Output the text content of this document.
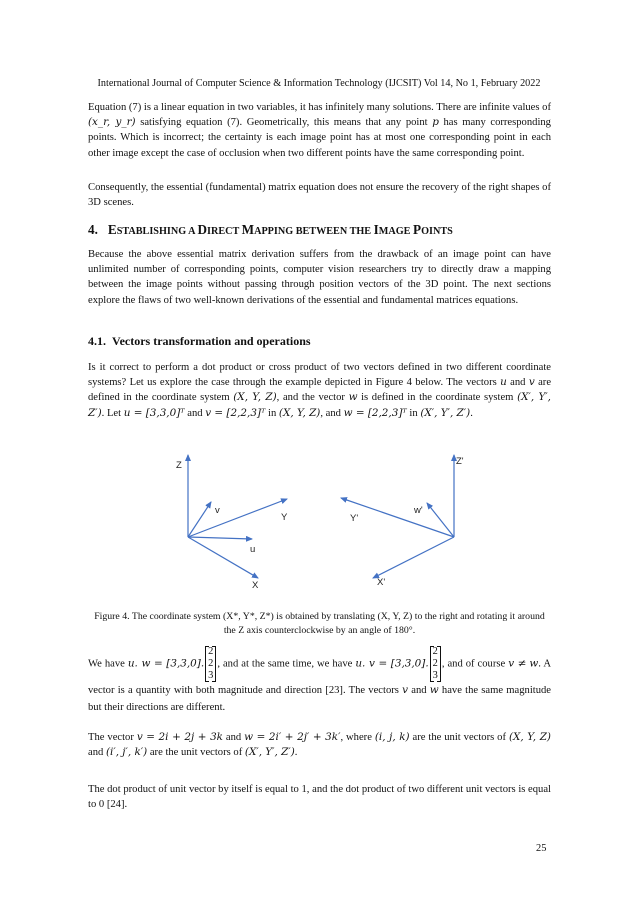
International Journal of Computer Science & Information Technology (IJCSIT) Vol 14, No 1, February 2022

Equation (7) is a linear equation in two variables, it has infinitely many solutions. There are infinite values of (x_r, y_r) satisfying equation (7). Geometrically, this means that any point p has many corresponding points. Which is incorrect; the certainty is each image point has at most one corresponding point in each other image except the case of occlusion when two different points have the same corresponding point.

Consequently, the essential (fundamental) matrix equation does not ensure the recovery of the right shapes of 3D scenes.

4. ESTABLISHING A DIRECT MAPPING BETWEEN THE IMAGE POINTS

Because the above essential matrix derivation suffers from the drawback of an image point can have unlimited number of corresponding points, computer vision researchers try to directly draw a mapping between the image points without passing through position vectors of the 3D point. The next sections explore the flaws of two well-known derivations of the essential and fundamental matrices equations.

4.1. Vectors transformation and operations

Is it correct to perform a dot product or cross product of two vectors defined in two different coordinate systems? Let us explore the case through the example depicted in Figure 4 below. The vectors u and v are defined in the coordinate system (X, Y, Z), and the vector w is defined in the coordinate system (X′, Y′, Z′). Let u = [3,3,0]ᵀ and v = [2,2,3]ᵀ in (X, Y, Z), and w = [2,2,3]ᵀ in (X′, Y′, Z′).

Z
v
Y
u
X
Z'
w'
Y'
X'
Figure 4. The coordinate system (X*, Y*, Z*) is obtained by translating (X, Y, Z) to the right and rotating it around the Z axis counterclockwise by an angle of 180°.

We have u. w = [3,3,0].2
2
3, and at the same time, we have u. v = [3,3,0].2
2
3, and of course v ≠ w. A vector is a quantity with both magnitude and direction [23]. The vectors v and w have the same magnitude but their directions are different.

The vector v = 2i + 2j + 3k and w = 2i′ + 2j′ + 3k′, where (i, j, k) are the unit vectors of (X, Y, Z) and (i′, j′, k′) are the unit vectors of (X′, Y′, Z′).

The dot product of unit vector by itself is equal to 1, and the dot product of two different unit vectors is equal to 0 [24].

25
